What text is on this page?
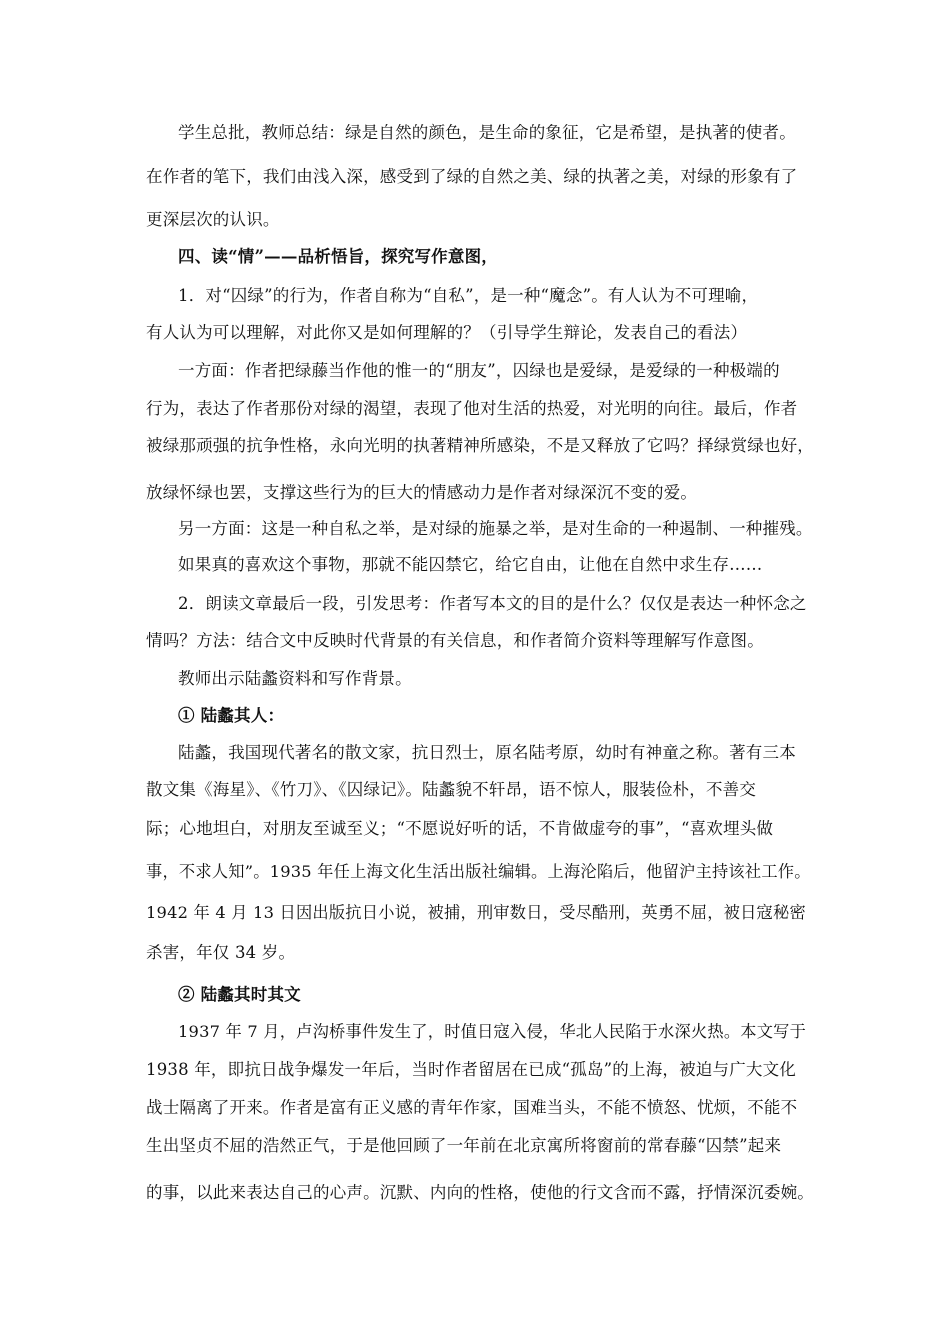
学生总批，教师总结：绿是自然的颜色，是生命的象征，它是希望，是执著的使者。
在作者的笔下，我们由浅入深，感受到了绿的自然之美、绿的执著之美，对绿的形象有了
更深层次的认识。
四、读“情”——品析悟旨，探究写作意图，
1．对“囚绿”的行为，作者自称为“自私”，是一种“魔念”。有人认为不可理喻，
有人认为可以理解，对此你又是如何理解的？（引导学生辩论，发表自己的看法）
一方面：作者把绿藤当作他的惟一的“朋友”，囚绿也是爱绿，是爱绿的一种极端的
行为，表达了作者那份对绿的渴望，表现了他对生活的热爱，对光明的向往。最后，作者
被绿那顽强的抗争性格，永向光明的执著精神所感染，不是又释放了它吗？择绿赏绿也好，
放绿怀绿也罢，支撑这些行为的巨大的情感动力是作者对绿深沉不变的爱。
另一方面：这是一种自私之举，是对绿的施暴之举，是对生命的一种遏制、一种摧残。
如果真的喜欢这个事物，那就不能囚禁它，给它自由，让他在自然中求生存……
2．朗读文章最后一段，引发思考：作者写本文的目的是什么？仅仅是表达一种怀念之
情吗？方法：结合文中反映时代背景的有关信息，和作者简介资料等理解写作意图。
教师出示陆蠡资料和写作背景。
① 陆蠡其人：
陆蠡，我国现代著名的散文家，抗日烈士，原名陆考原，幼时有神童之称。著有三本
散文集《海星》、《竹刀》、《囚绿记》。陆蠡貌不轩昂，语不惊人，服装俭朴，不善交
际；心地坦白，对朋友至诚至义；“不愿说好听的话，不肯做虚夸的事”，“喜欢埋头做
事，不求人知”。1935 年任上海文化生活出版社编辑。上海沦陷后，他留沪主持该社工作。
1942 年 4 月 13 日因出版抗日小说，被捕，刑审数日，受尽酷刑，英勇不屈，被日寇秘密
杀害，年仅 34 岁。
② 陆蠡其时其文
1937 年 7 月，卢沟桥事件发生了，时值日寇入侵，华北人民陷于水深火热。本文写于
1938 年，即抗日战争爆发一年后，当时作者留居在已成“孤岛”的上海，被迫与广大文化
战士隔离了开来。作者是富有正义感的青年作家，国难当头，不能不愤怒、忧烦，不能不
生出坚贞不屈的浩然正气，于是他回顾了一年前在北京寓所将窗前的常春藤“囚禁”起来
的事，以此来表达自己的心声。沉默、内向的性格，使他的行文含而不露，抒情深沉委婉。
